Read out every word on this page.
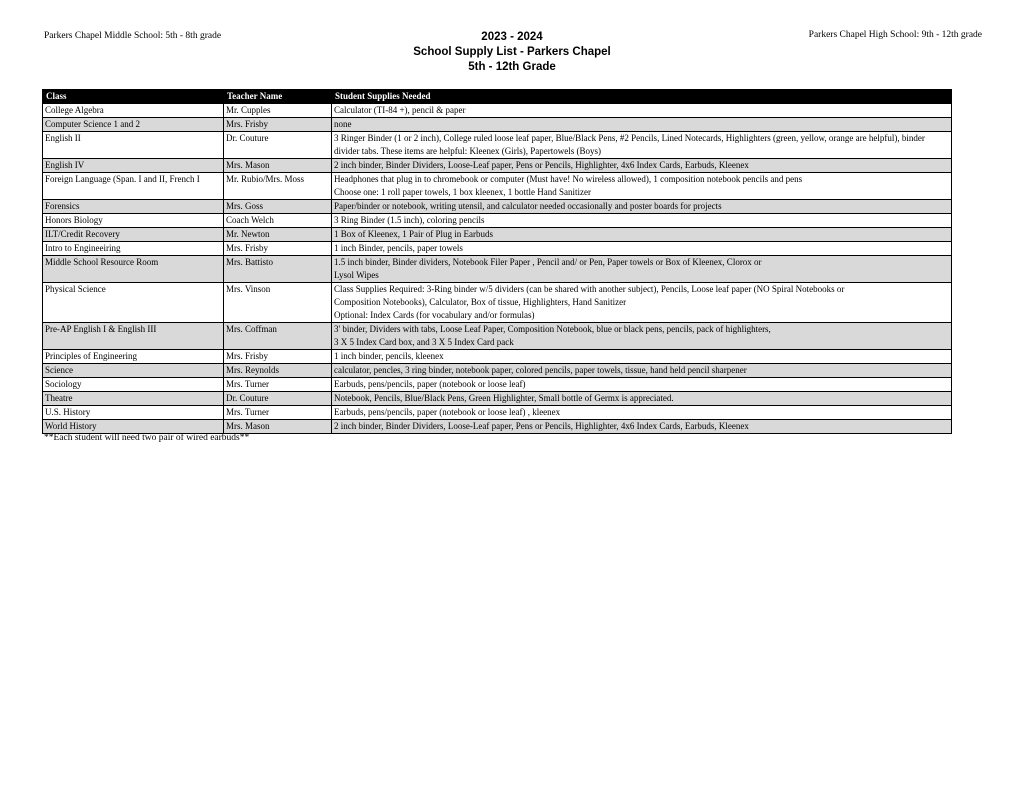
Parkers Chapel Middle School: 5th - 8th grade	2023 - 2024
School Supply List - Parkers Chapel
5th - 12th Grade
Parkers Chapel High School: 9th - 12th grade
Class	Teacher Name	Student Supplies Needed
College Algebra	Mr. Cupples	Calculator (TI-84 +), pencil & paper
Computer Science 1 and 2	Mrs. Frisby	none
English II	Dr. Couture	3 Ringer Binder (1 or 2 inch), College ruled loose leaf paper, Blue/Black Pens, #2 Pencils, Lined Notecards, Highlighters (green, yellow, orange are helpful), binder divider tabs. These items are helpful: Kleenex (Girls), Papertowels (Boys)
English IV	Mrs. Mason	2 inch binder, Binder Dividers, Loose-Leaf paper, Pens or Pencils, Highlighter, 4x6 Index Cards, Earbuds, Kleenex
Foreign Language (Span. I and II, French I	Mr. Rubio/Mrs. Moss	Headphones that plug in to chromebook or computer (Must have! No wireless allowed), 1 composition notebook pencils and pens
Choose one: 1 roll paper towels, 1 box kleenex, 1 bottle Hand Sanitizer
Forensics	Mrs. Goss	Paper/binder or notebook, writing utensil, and calculator needed occasionally and poster boards for projects
Honors Biology	Coach Welch	3 Ring Binder (1.5 inch), coloring pencils
ILT/Credit Recovery	Mr. Newton	1 Box of Kleenex, 1 Pair of Plug in Earbuds
Intro to Engineeiring	Mrs. Frisby	1 inch Binder, pencils, paper towels
Middle School Resource Room	Mrs. Battisto	1.5 inch binder, Binder dividers, Notebook Filer Paper , Pencil and/ or Pen, Paper towels or Box of Kleenex, Clorox or
Lysol Wipes
Physical Science	Mrs. Vinson	Class Supplies Required: 3-Ring binder w/5 dividers (can be shared with another subject), Pencils, Loose leaf paper (NO Spiral Notebooks or
Composition Notebooks), Calculator, Box of tissue, Highlighters, Hand Sanitizer
Optional: Index Cards (for vocabulary and/or formulas)
Pre-AP English I & English III	Mrs. Coffman	3' binder, Dividers with tabs, Loose Leaf Paper, Composition Notebook, blue or black pens, pencils, pack of highlighters,
3 X 5 Index Card box, and 3 X 5 Index Card pack
Principles of Engineering	Mrs. Frisby	1 inch binder, pencils, kleenex
Science	Mrs. Reynolds	calculator, pencles, 3 ring binder, notebook paper, colored pencils, paper towels, tissue, hand held pencil sharpener
Sociology	Mrs. Turner	Earbuds, pens/pencils, paper (notebook or loose leaf)
Theatre	Dr. Couture	Notebook, Pencils, Blue/Black Pens, Green Highlighter, Small bottle of Germx is appreciated.
U.S. History	Mrs. Turner	Earbuds, pens/pencils, paper (notebook or loose leaf) , kleenex
World History	Mrs. Mason	2 inch binder, Binder Dividers, Loose-Leaf paper, Pens or Pencils, Highlighter, 4x6 Index Cards, Earbuds, Kleenex
**Each student will need two pair of wired earbuds**
